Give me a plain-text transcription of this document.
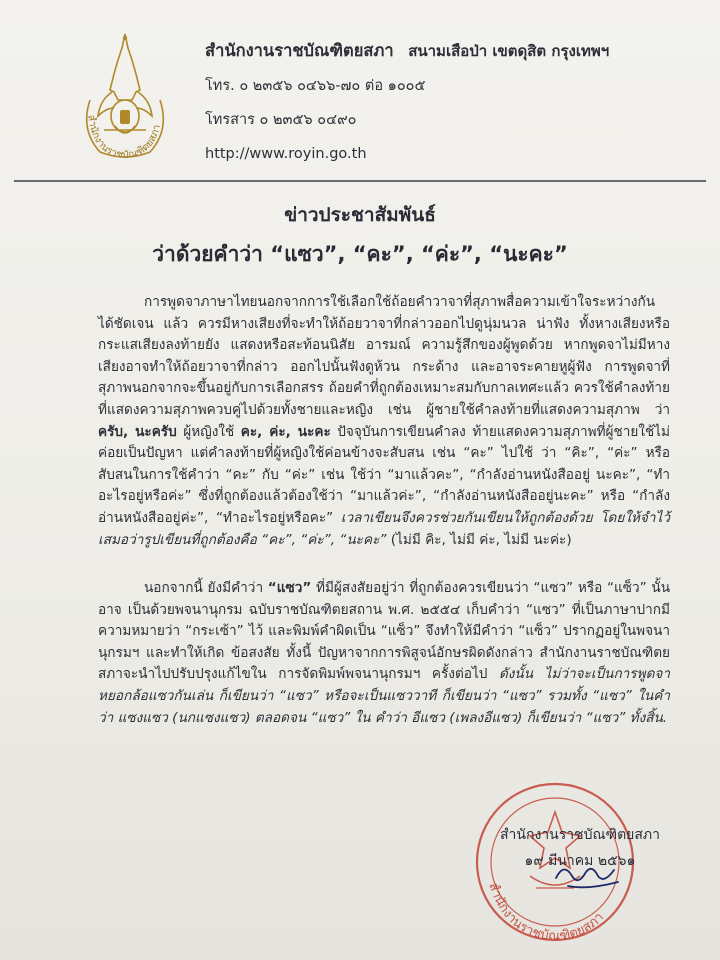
สำนักงานราชบัณฑิตยสภา
สำนักงานราชบัณฑิตยสภา สนามเสือป่า เขตดุสิต กรุงเทพฯ
โทร. ๐ ๒๓๕๖ ๐๔๖๖-๗๐ ต่อ ๑๐๐๕
โทรสาร ๐ ๒๓๕๖ ๐๔๙๐
http://www.royin.go.th
ข่าวประชาสัมพันธ์
ว่าด้วยคำว่า “แซว”, “คะ”, “ค่ะ”, “นะคะ”

การพูดจาภาษาไทยนอกจากการใช้เลือกใช้ถ้อยคำวาจาที่สุภาพสื่อความเข้าใจระหว่างกันได้ชัดเจน แล้ว ควรมีหางเสียงที่จะทำให้ถ้อยวาจาที่กล่าวออกไปดูนุ่มนวล น่าฟัง ทั้งหางเสียงหรือกระแสเสียงลงท้ายยัง แสดงหรือสะท้อนนิสัย อารมณ์ ความรู้สึกของผู้พูดด้วย หากพูดจาไม่มีหางเสียงอาจทำให้ถ้อยวาจาที่กล่าว ออกไปนั้นฟังดูห้วน กระด้าง และอาจระคายหูผู้ฟัง การพูดจาที่สุภาพนอกจากจะขึ้นอยู่กับการเลือกสรร ถ้อยคำที่ถูกต้องเหมาะสมกับกาลเทศะแล้ว ควรใช้คำลงท้ายที่แสดงความสุภาพควบคู่ไปด้วยทั้งชายและหญิง เช่น ผู้ชายใช้คำลงท้ายที่แสดงความสุภาพ ว่า ครับ, นะครับ ผู้หญิงใช้ คะ, ค่ะ, นะคะ ปัจจุบันการเขียนคำลง ท้ายแสดงความสุภาพที่ผู้ชายใช้ไม่ค่อยเป็นปัญหา แต่คำลงท้ายที่ผู้หญิงใช้ค่อนข้างจะสับสน เช่น “คะ” ไปใช้ ว่า “คิะ”, “ค่ะ” หรือสับสนในการใช้คำว่า “คะ” กับ “ค่ะ” เช่น ใช้ว่า “มาแล้วคะ”, “กำลังอ่านหนังสืออยู่ นะคะ”, “ทำอะไรอยู่หรือค่ะ” ซึ่งที่ถูกต้องแล้วต้องใช้ว่า “มาแล้วค่ะ”, “กำลังอ่านหนังสืออยู่นะคะ” หรือ “กำลังอ่านหนังสืออยู่ค่ะ”, “ทำอะไรอยู่หรือคะ” เวลาเขียนจึงควรช่วยกันเขียนให้ถูกต้องด้วย โดยให้จำไว้ เสมอว่ารูปเขียนที่ถูกต้องคือ “คะ”, “ค่ะ”, “นะคะ” (ไม่มี คิะ, ไม่มี ค่ะ, ไม่มี นะค่ะ)

นอกจากนี้ ยังมีคำว่า “แซว” ที่มีผู้สงสัยอยู่ว่า ที่ถูกต้องควรเขียนว่า “แซว” หรือ “แซ็ว” นั้น อาจ เป็นด้วยพจนานุกรม ฉบับราชบัณฑิตยสถาน พ.ศ. ๒๕๕๔ เก็บคำว่า “แซว” ที่เป็นภาษาปากมีความหมายว่า “กระเซ้า” ไว้ และพิมพ์คำผิดเป็น “แซ็ว” จึงทำให้มีคำว่า “แซ็ว” ปรากฏอยู่ในพจนานุกรมฯ และทำให้เกิด ข้อสงสัย ทั้งนี้ ปัญหาจากการพิสูจน์อักษรผิดดังกล่าว สำนักงานราชบัณฑิตยสภาจะนำไปปรับปรุงแก้ไขใน การจัดพิมพ์พจนานุกรมฯ ครั้งต่อไป ดังนั้น ไม่ว่าจะเป็นการพูดจาหยอกล้อแซวกันเล่น ก็เขียนว่า “แซว” หรือจะเป็นแซววาที ก็เขียนว่า “แซว” รวมทั้ง “แซว” ในคำว่า แซงแซว (นกแซงแซว) ตลอดจน “แซว” ใน คำว่า อีแซว (เพลงอีแซว) ก็เขียนว่า “แซว” ทั้งสิ้น.

สำนักงานราชบัณฑิตยสภา
สำนักงานราชบัณฑิตยสภา
๑๙ มีนาคม ๒๕๖๑
